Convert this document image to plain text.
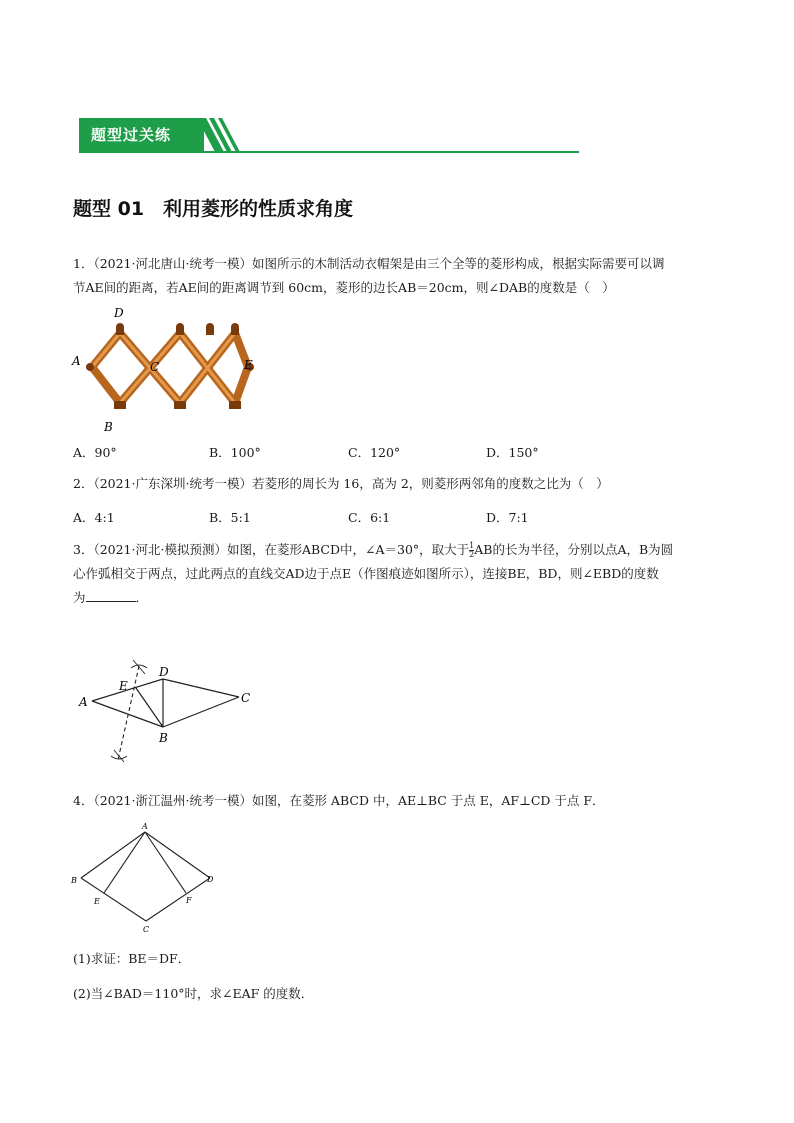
题型过关练
题型 01　利用菱形的性质求角度
1．（2021·河北唐山·统考一模）如图所示的木制活动衣帽架是由三个全等的菱形构成，根据实际需要可以调
节AE间的距离，若AE间的距离调节到 60cm，菱形的边长AB＝20cm，则∠DAB的度数是（　）
D
A	C	E
B
A．90°	B．100°	C．120°	D．150°
2．（2021·广东深圳·统考一模）若菱形的周长为 16，高为 2，则菱形两邻角的度数之比为（　）
A．4:1	B．5:1	C．6:1	D．7:1
3．（2021·河北·模拟预测）如图，在菱形ABCD中，∠A＝30°，取大于 $\frac{1}{2}$ AB的长为半径，分别以点A，B为圆
心作弧相交于两点，过此两点的直线交AD边于点E（作图痕迹如图所示），连接BE，BD，则∠EBD的度数
为	．
A
E
D
C
B
4．（2021·浙江温州·统考一模）如图，在菱形 ABCD 中，AE⊥BC 于点 E，AF⊥CD 于点 F．
A
B
E
C
F
D
(1)求证：BE＝DF．
(2)当∠BAD＝110°时，求∠EAF 的度数．
